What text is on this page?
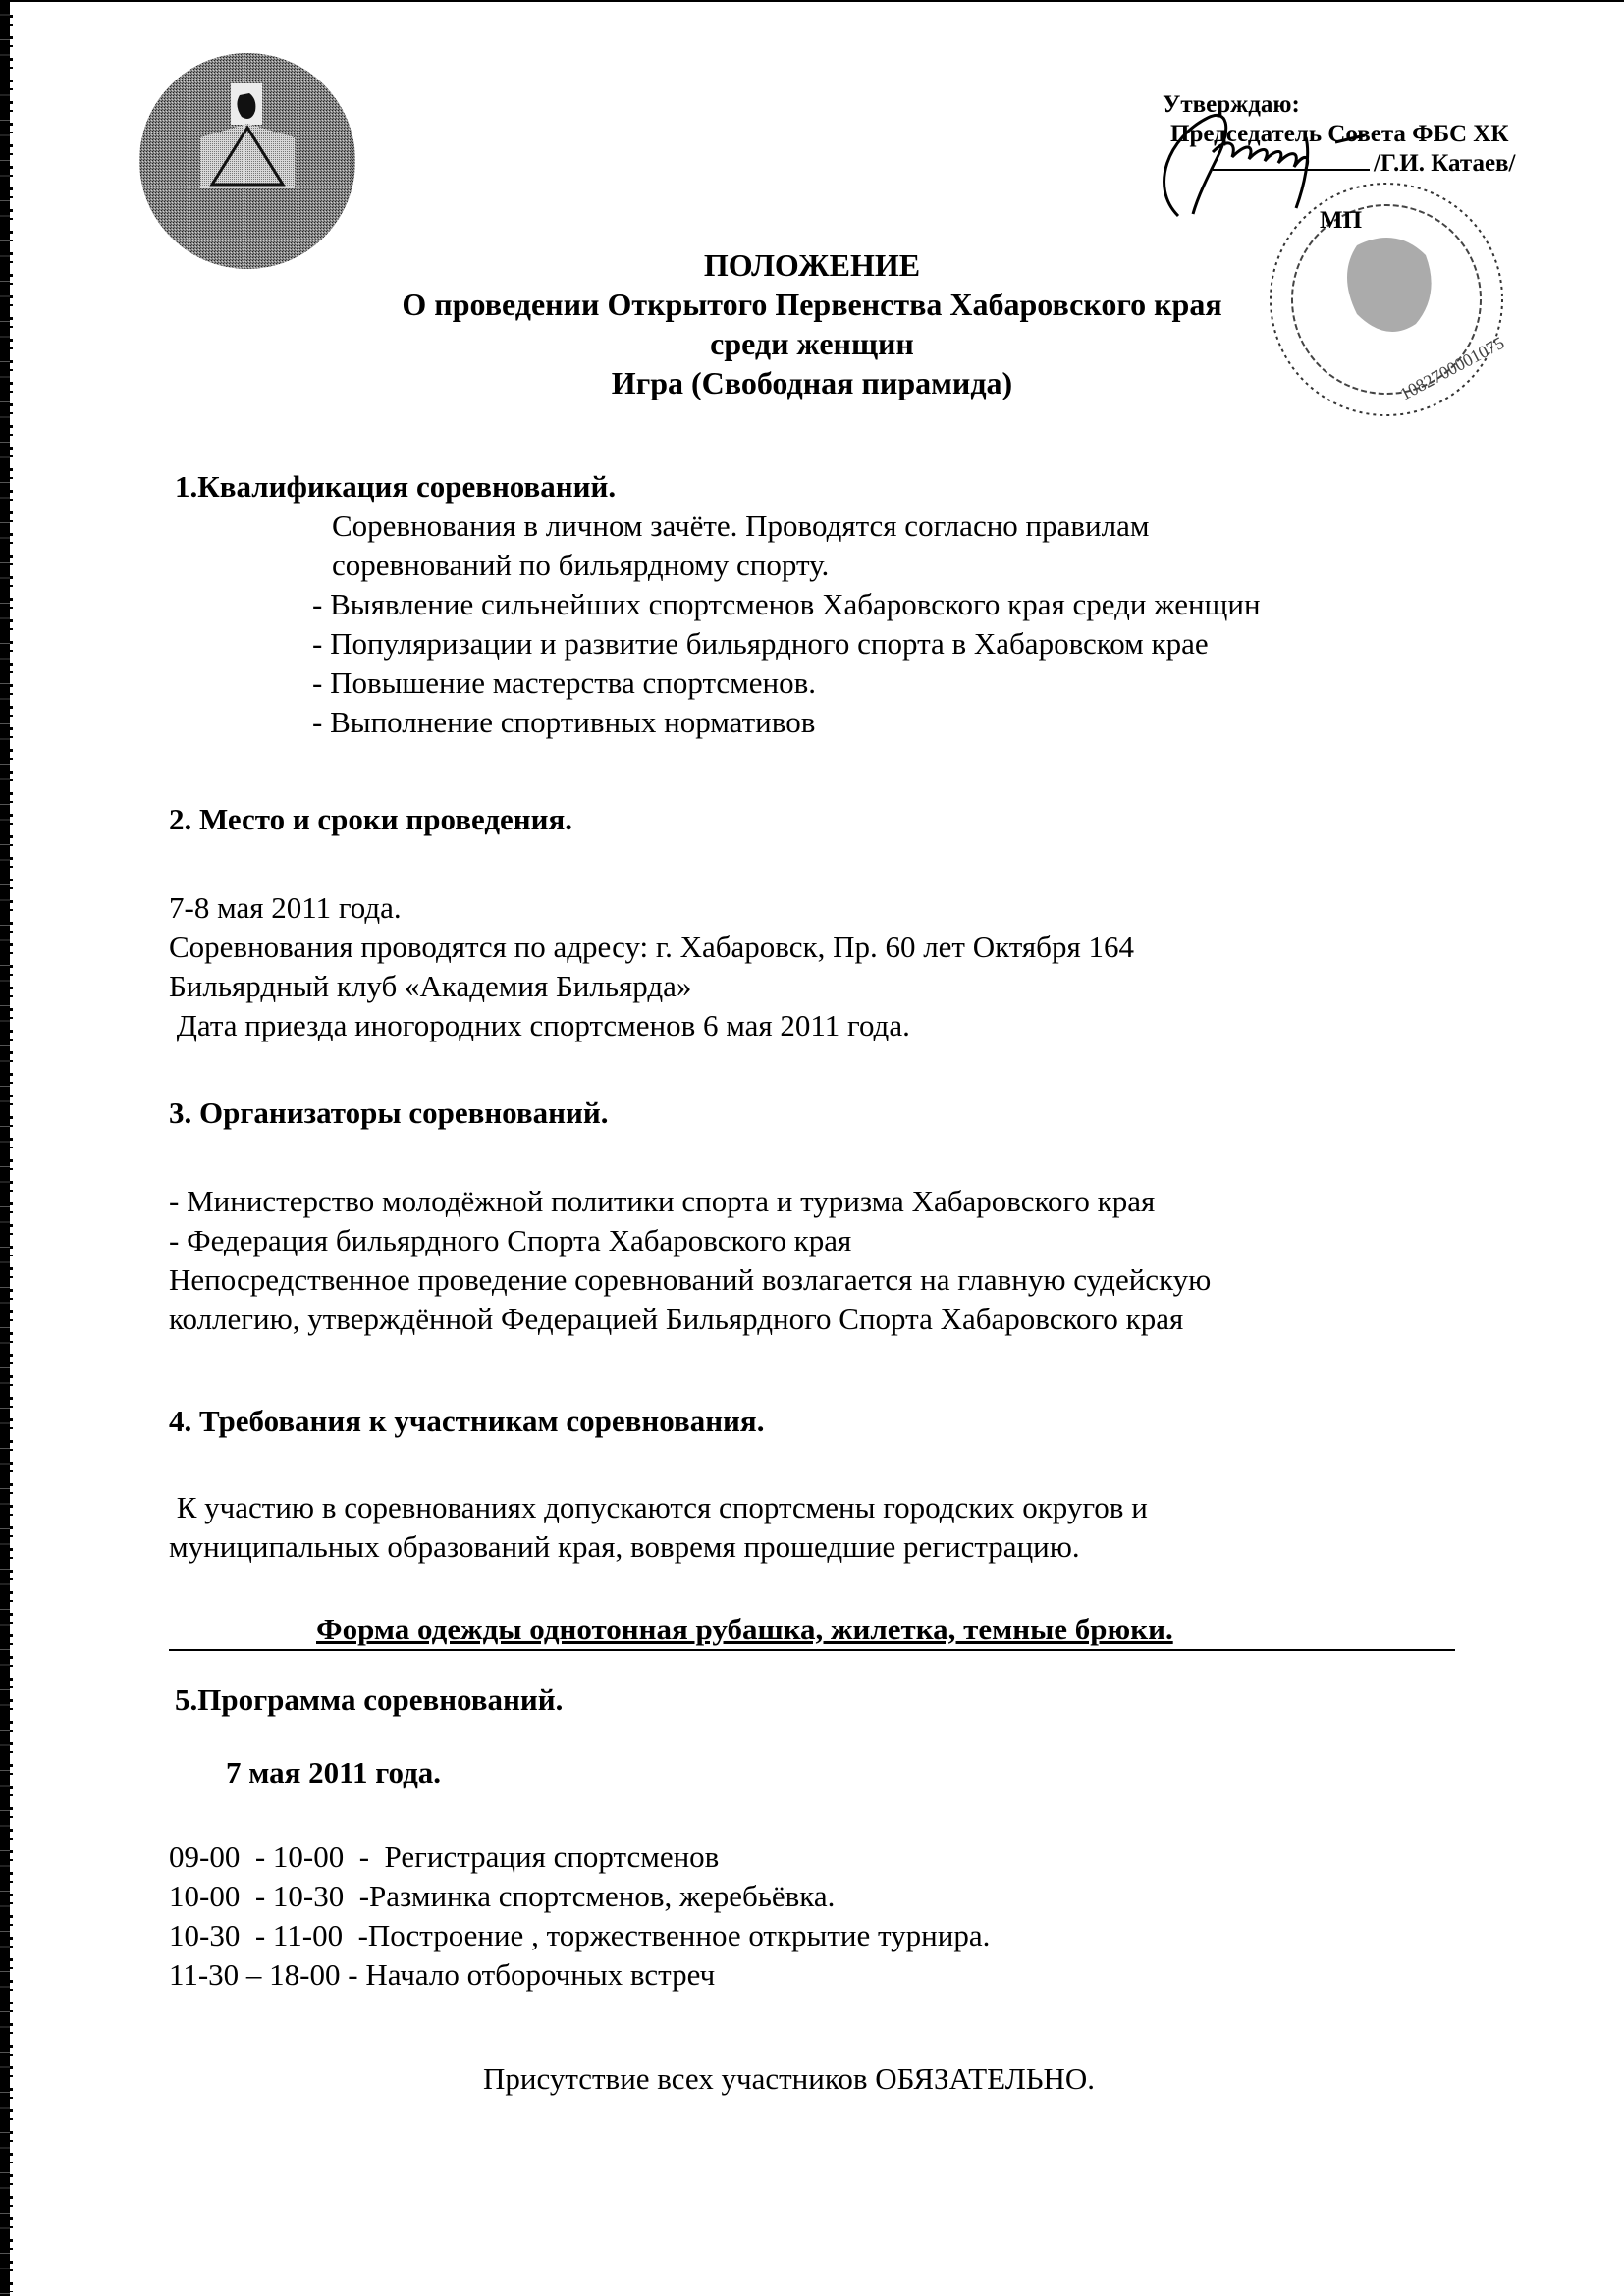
1082700001075
Утверждаю:
Председатель Совета ФБС ХК
/Г.И. Катаев/
МП
ПОЛОЖЕНИЕ
О проведении Открытого Первенства Хабаровского края
среди женщин
Игра (Свободная пирамида)
1.Квалификация соревнований.
Соревнования в личном зачёте. Проводятся согласно правилам
соревнований по бильярдному спорту.
- Выявление сильнейших спортсменов Хабаровского края среди женщин
- Популяризации и развитие бильярдного спорта в Хабаровском крае
- Повышение мастерства спортсменов.
- Выполнение спортивных нормативов
2. Место и сроки проведения.
7-8 мая 2011 года.
Соревнования проводятся по адресу: г. Хабаровск, Пр. 60 лет Октября 164
Бильярдный клуб «Академия Бильярда»
Дата приезда иногородних спортсменов 6 мая 2011 года.
3. Организаторы соревнований.
- Министерство молодёжной политики спорта и туризма Хабаровского края
- Федерация бильярдного Спорта Хабаровского края
Непосредственное проведение соревнований возлагается на главную судейскую
коллегию, утверждённой Федерацией Бильярдного Спорта Хабаровского края
4. Требования к участникам соревнования.
К участию в соревнованиях допускаются спортсмены городских округов и
муниципальных образований края, вовремя прошедшие регистрацию.
Форма одежды однотонная рубашка, жилетка, темные брюки.
5.Программа соревнований.
7 мая 2011 года.
09-00  - 10-00  -  Регистрация спортсменов
10-00  - 10-30  -Разминка спортсменов, жеребьёвка.
10-30  - 11-00  -Построение , торжественное открытие турнира.
11-30 – 18-00 - Начало отборочных встреч
Присутствие всех участников ОБЯЗАТЕЛЬНО.
